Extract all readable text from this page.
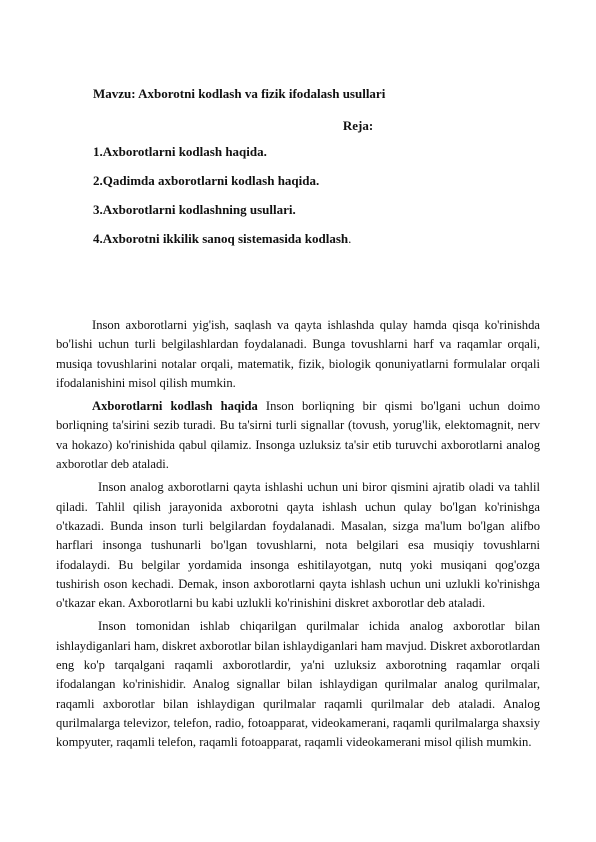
Mavzu: Axborotni kodlash va fizik ifodalash usullari
Reja:
1.Axborotlarni kodlash haqida.
2.Qadimda axborotlarni kodlash haqida.
3.Axborotlarni kodlashning usullari.
4.Axborotni ikkilik sanoq sistemasida kodlash.

Inson axborotlarni yig'ish, saqlash va qayta ishlashda qulay hamda qisqa ko'rinishda bo'lishi uchun turli belgilashlardan foydalanadi. Bunga tovushlarni harf va raqamlar orqali, musiqa tovushlarini notalar orqali, matematik, fizik, biologik qonuniyatlarni formulalar orqali ifodalanishini misol qilish mumkin.

Axborotlarni kodlash haqida Inson borliqning bir qismi bo'lgani uchun doimo borliqning ta'sirini sezib turadi. Bu ta'sirni turli signallar (tovush, yorug'lik, elektomagnit, nerv va hokazo) ko'rinishida qabul qilamiz. Insonga uzluksiz ta'sir etib turuvchi axborotlarni analog axborotlar deb ataladi.

Inson analog axborotlarni qayta ishlashi uchun uni biror qismini ajratib oladi va tahlil qiladi. Tahlil qilish jarayonida axborotni qayta ishlash uchun qulay bo'lgan ko'rinishga o'tkazadi. Bunda inson turli belgilardan foydalanadi. Masalan, sizga ma'lum bo'lgan alifbo harflari insonga tushunarli bo'lgan tovushlarni, nota belgilari esa musiqiy tovushlarni ifodalaydi. Bu belgilar yordamida insonga eshitilayotgan, nutq yoki musiqani qog'ozga tushirish oson kechadi. Demak, inson axborotlarni qayta ishlash uchun uni uzlukli ko'rinishga o'tkazar ekan. Axborotlarni bu kabi uzlukli ko'rinishini diskret axborotlar deb ataladi.

Inson tomonidan ishlab chiqarilgan qurilmalar ichida analog axborotlar bilan ishlaydiganlari ham, diskret axborotlar bilan ishlaydiganlari ham mavjud. Diskret axborotlardan eng ko'p tarqalgani raqamli axborotlardir, ya'ni uzluksiz axborotning raqamlar orqali ifodalangan ko'rinishidir. Analog signallar bilan ishlaydigan qurilmalar analog qurilmalar, raqamli axborotlar bilan ishlaydigan qurilmalar raqamli qurilmalar deb ataladi. Analog qurilmalarga televizor, telefon, radio, fotoapparat, videokamerani, raqamli qurilmalarga shaxsiy kompyuter, raqamli telefon, raqamli fotoapparat, raqamli videokamerani misol qilish mumkin.
